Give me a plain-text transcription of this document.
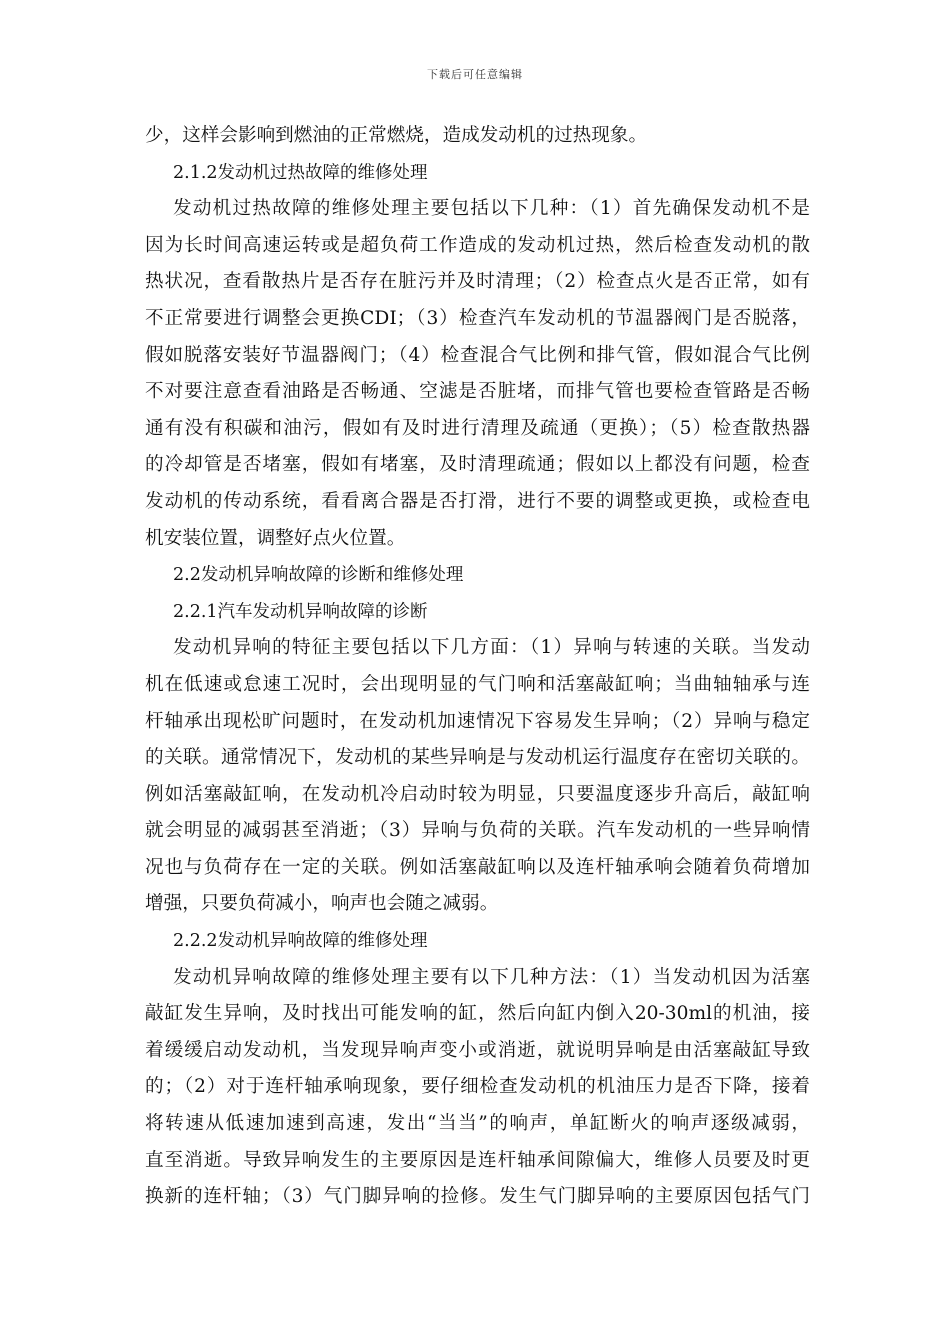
下载后可任意编辑
少，这样会影响到燃油的正常燃烧，造成发动机的过热现象。
2.1.2发动机过热故障的维修处理
发动机过热故障的维修处理主要包括以下几种：（1）首先确保发动机不是
因为长时间高速运转或是超负荷工作造成的发动机过热，然后检查发动机的散
热状况，查看散热片是否存在脏污并及时清理；（2）检查点火是否正常，如有
不正常要进行调整会更换CDI；（3）检查汽车发动机的节温器阀门是否脱落，
假如脱落安装好节温器阀门；（4）检查混合气比例和排气管，假如混合气比例
不对要注意查看油路是否畅通、空滤是否脏堵，而排气管也要检查管路是否畅
通有没有积碳和油污，假如有及时进行清理及疏通（更换）；（5）检查散热器
的冷却管是否堵塞，假如有堵塞，及时清理疏通；假如以上都没有问题，检查
发动机的传动系统，看看离合器是否打滑，进行不要的调整或更换，或检查电
机安装位置，调整好点火位置。
2.2发动机异响故障的诊断和维修处理
2.2.1汽车发动机异响故障的诊断
发动机异响的特征主要包括以下几方面：（1）异响与转速的关联。当发动
机在低速或怠速工况时，会出现明显的气门响和活塞敲缸响；当曲轴轴承与连
杆轴承出现松旷问题时，在发动机加速情况下容易发生异响；（2）异响与稳定
的关联。通常情况下，发动机的某些异响是与发动机运行温度存在密切关联的。
例如活塞敲缸响，在发动机冷启动时较为明显，只要温度逐步升高后，敲缸响
就会明显的减弱甚至消逝；（3）异响与负荷的关联。汽车发动机的一些异响情
况也与负荷存在一定的关联。例如活塞敲缸响以及连杆轴承响会随着负荷增加
增强，只要负荷减小，响声也会随之减弱。
2.2.2发动机异响故障的维修处理
发动机异响故障的维修处理主要有以下几种方法：（1）当发动机因为活塞
敲缸发生异响，及时找出可能发响的缸，然后向缸内倒入20-30ml的机油，接
着缓缓启动发动机，当发现异响声变小或消逝，就说明异响是由活塞敲缸导致
的；（2）对于连杆轴承响现象，要仔细检查发动机的机油压力是否下降，接着
将转速从低速加速到高速，发出“当当”的响声，单缸断火的响声逐级减弱，
直至消逝。导致异响发生的主要原因是连杆轴承间隙偏大，维修人员要及时更
换新的连杆轴；（3）气门脚异响的捡修。发生气门脚异响的主要原因包括气门
